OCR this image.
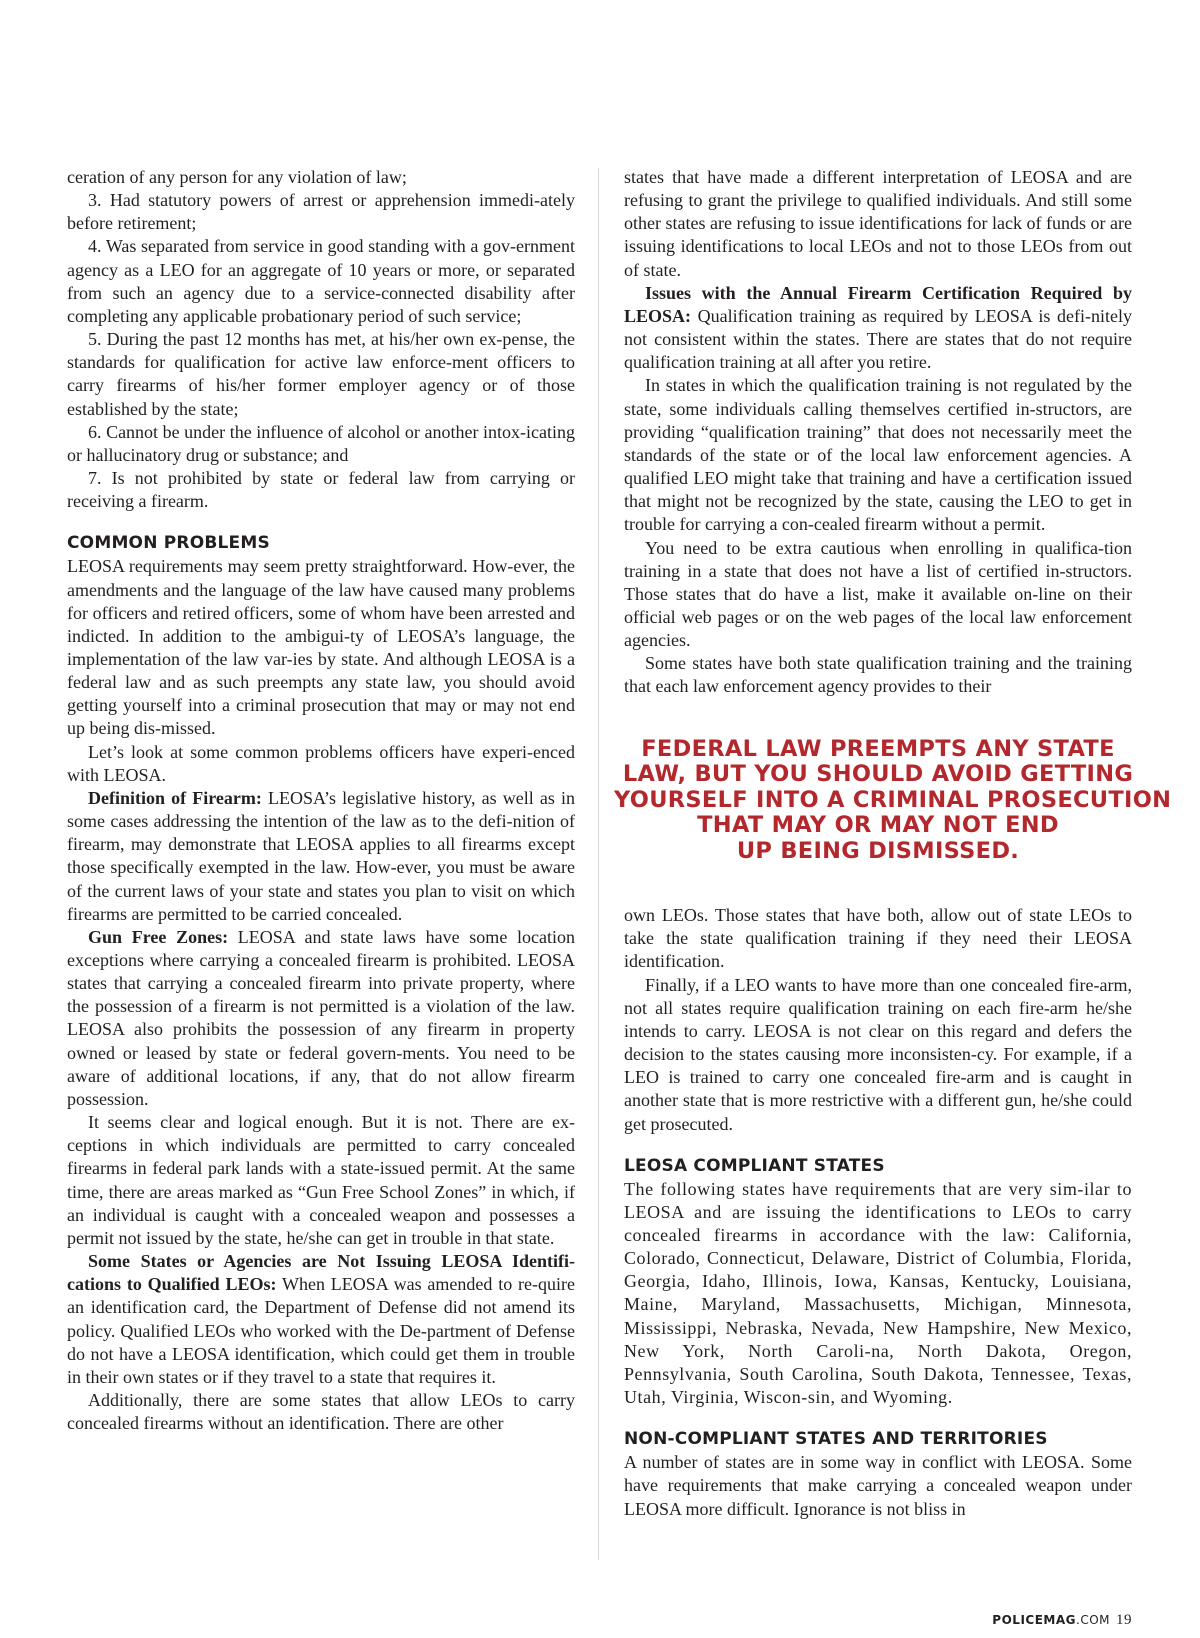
ceration of any person for any violation of law;

3. Had statutory powers of arrest or apprehension immedi-ately before retirement;

4. Was separated from service in good standing with a gov-ernment agency as a LEO for an aggregate of 10 years or more, or separated from such an agency due to a service-connected disability after completing any applicable probationary period of such service;

5. During the past 12 months has met, at his/her own ex-pense, the standards for qualification for active law enforce-ment officers to carry firearms of his/her former employer agency or of those established by the state;

6. Cannot be under the influence of alcohol or another intox-icating or hallucinatory drug or substance; and

7. Is not prohibited by state or federal law from carrying or receiving a firearm.

COMMON PROBLEMS

LEOSA requirements may seem pretty straightforward. How-ever, the amendments and the language of the law have caused many problems for officers and retired officers, some of whom have been arrested and indicted. In addition to the ambigui-ty of LEOSA’s language, the implementation of the law var-ies by state. And although LEOSA is a federal law and as such preempts any state law, you should avoid getting yourself into a criminal prosecution that may or may not end up being dis-missed.

Let’s look at some common problems officers have experi-enced with LEOSA.

Definition of Firearm: LEOSA’s legislative history, as well as in some cases addressing the intention of the law as to the defi-nition of firearm, may demonstrate that LEOSA applies to all firearms except those specifically exempted in the law. How-ever, you must be aware of the current laws of your state and states you plan to visit on which firearms are permitted to be carried concealed.

Gun Free Zones: LEOSA and state laws have some location exceptions where carrying a concealed firearm is prohibited. LEOSA states that carrying a concealed firearm into private property, where the possession of a firearm is not permitted is a violation of the law. LEOSA also prohibits the possession of any firearm in property owned or leased by state or federal govern-ments. You need to be aware of additional locations, if any, that do not allow firearm possession.

It seems clear and logical enough. But it is not. There are ex-ceptions in which individuals are permitted to carry concealed firearms in federal park lands with a state-issued permit. At the same time, there are areas marked as “Gun Free School Zones” in which, if an individual is caught with a concealed weapon and possesses a permit not issued by the state, he/she can get in trouble in that state.

Some States or Agencies are Not Issuing LEOSA Identifi-cations to Qualified LEOs: When LEOSA was amended to re-quire an identification card, the Department of Defense did not amend its policy. Qualified LEOs who worked with the De-partment of Defense do not have a LEOSA identification, which could get them in trouble in their own states or if they travel to a state that requires it.

Additionally, there are some states that allow LEOs to carry concealed firearms without an identification. There are other

states that have made a different interpretation of LEOSA and are refusing to grant the privilege to qualified individuals. And still some other states are refusing to issue identifications for lack of funds or are issuing identifications to local LEOs and not to those LEOs from out of state.

Issues with the Annual Firearm Certification Required by LEOSA: Qualification training as required by LEOSA is defi-nitely not consistent within the states. There are states that do not require qualification training at all after you retire.

In states in which the qualification training is not regulated by the state, some individuals calling themselves certified in-structors, are providing “qualification training” that does not necessarily meet the standards of the state or of the local law enforcement agencies. A qualified LEO might take that training and have a certification issued that might not be recognized by the state, causing the LEO to get in trouble for carrying a con-cealed firearm without a permit.

You need to be extra cautious when enrolling in qualifica-tion training in a state that does not have a list of certified in-structors. Those states that do have a list, make it available on-line on their official web pages or on the web pages of the local law enforcement agencies.

Some states have both state qualification training and the training that each law enforcement agency provides to their

FEDERAL LAW PREEMPTS ANY STATE
LAW, BUT YOU SHOULD AVOID GETTING
YOURSELF INTO A CRIMINAL PROSECUTION
THAT MAY OR MAY NOT END
UP BEING DISMISSED.

own LEOs. Those states that have both, allow out of state LEOs to take the state qualification training if they need their LEOSA identification.

Finally, if a LEO wants to have more than one concealed fire-arm, not all states require qualification training on each fire-arm he/she intends to carry. LEOSA is not clear on this regard and defers the decision to the states causing more inconsisten-cy. For example, if a LEO is trained to carry one concealed fire-arm and is caught in another state that is more restrictive with a different gun, he/she could get prosecuted.

LEOSA COMPLIANT STATES

The following states have requirements that are very sim-ilar to LEOSA and are issuing the identifications to LEOs to carry concealed firearms in accordance with the law: California, Colorado, Connecticut, Delaware, District of Columbia, Florida, Georgia, Idaho, Illinois, Iowa, Kansas, Kentucky, Louisiana, Maine, Maryland, Massachusetts, Michigan, Minnesota, Mississippi, Nebraska, Nevada, New Hampshire, New Mexico, New York, North Caroli-na, North Dakota, Oregon, Pennsylvania, South Carolina, South Dakota, Tennessee, Texas, Utah, Virginia, Wiscon-sin, and Wyoming.

NON-COMPLIANT STATES AND TERRITORIES

A number of states are in some way in conflict with LEOSA. Some have requirements that make carrying a concealed weapon under LEOSA more difficult. Ignorance is not bliss in

POLICEMAG.COM 19
